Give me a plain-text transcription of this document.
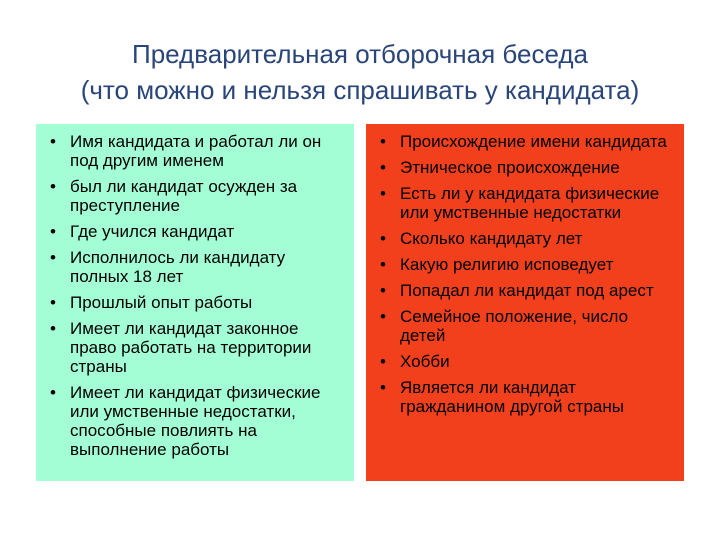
Предварительная отборочная беседа
(что можно и нельзя спрашивать у кандидата)
• Имя кандидата и работал ли он под другим именем
• был ли кандидат осужден за преступление
• Где учился кандидат
• Исполнилось ли кандидату полных 18 лет
• Прошлый опыт работы
• Имеет ли кандидат законное право работать на территории страны
• Имеет ли кандидат физические или умственные недостатки, способные повлиять на выполнение работы
• Происхождение имени кандидата
• Этническое происхождение
• Есть ли у кандидата физические или умственные недостатки
• Сколько кандидату лет
• Какую религию исповедует
• Попадал ли кандидат под арест
• Семейное положение, число детей
• Хобби
• Является ли кандидат гражданином другой страны
